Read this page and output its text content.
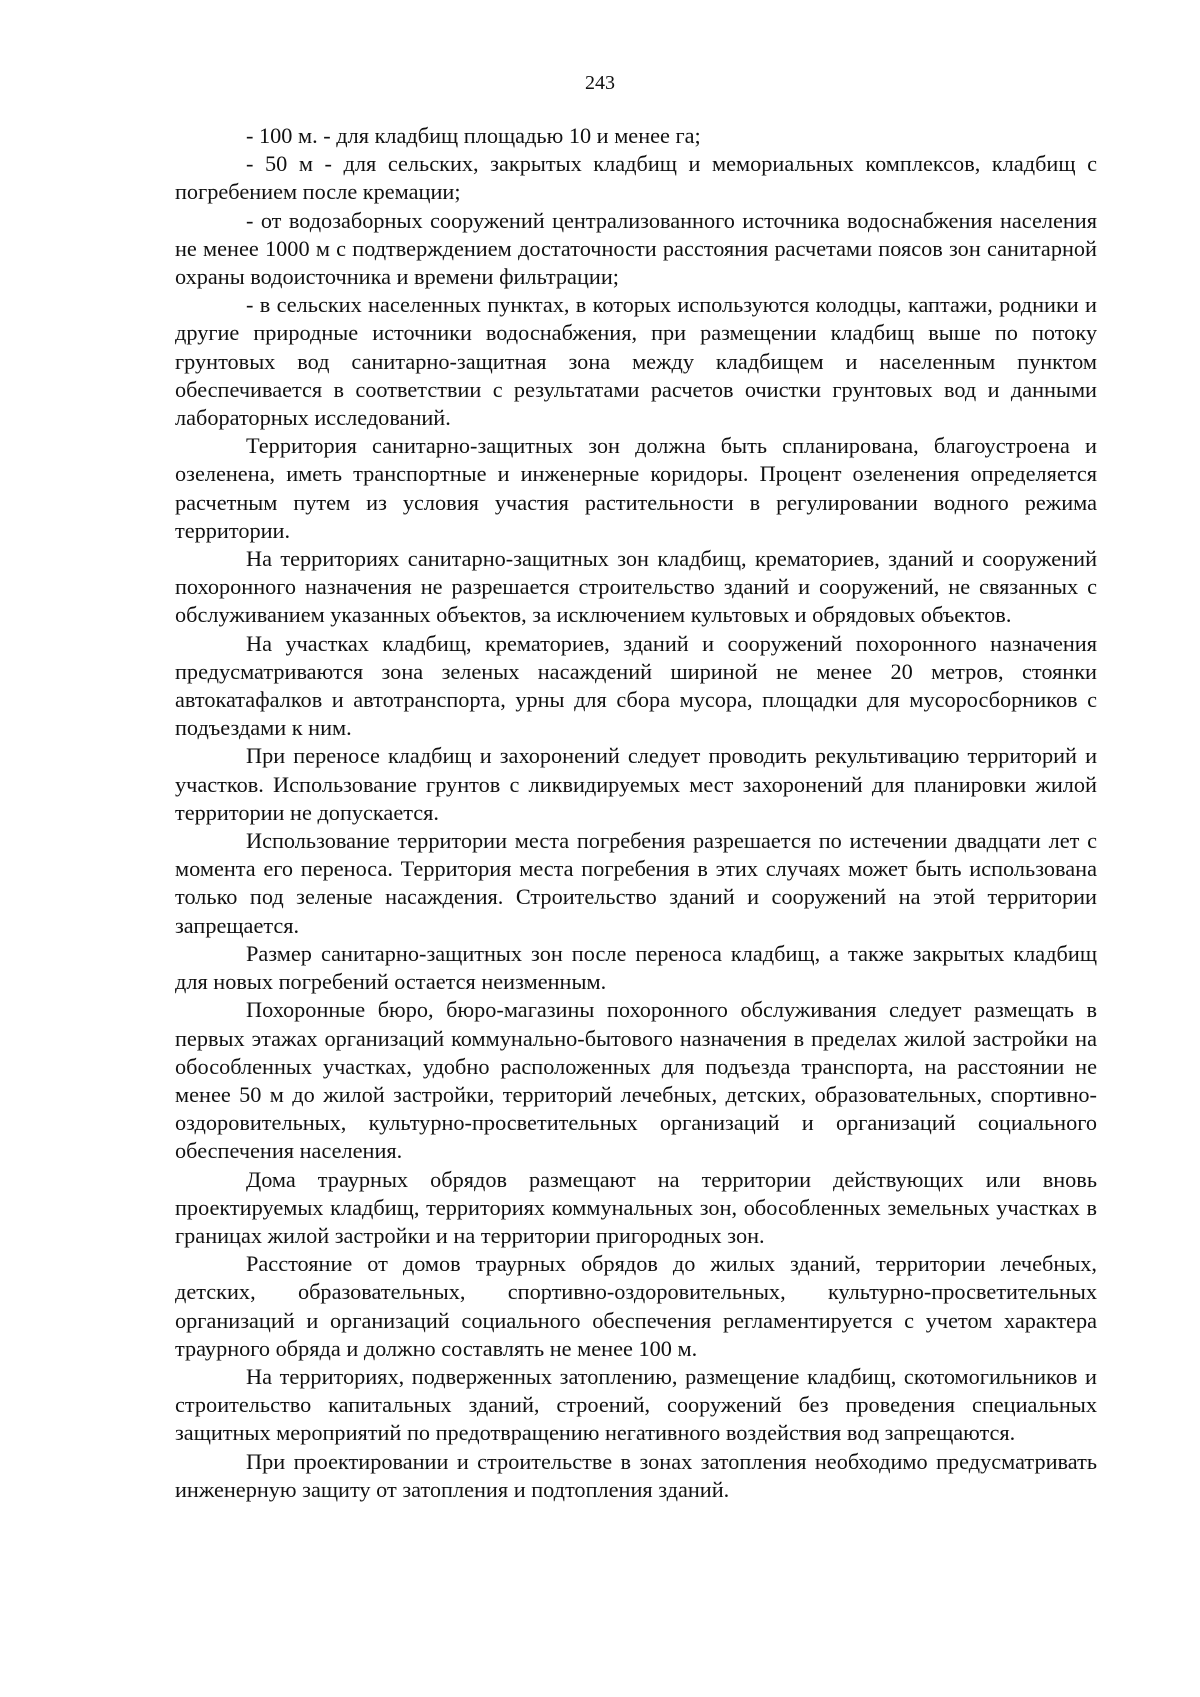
243

- 100 м. - для кладбищ площадью 10 и менее га;

- 50 м - для сельских, закрытых кладбищ и мемориальных комплексов, кладбищ с погребением после кремации;

- от водозаборных сооружений централизованного источника водоснабжения населения не менее 1000 м с подтверждением достаточности расстояния расчетами поясов зон санитарной охраны водоисточника и времени фильтрации;

- в сельских населенных пунктах, в которых используются колодцы, каптажи, родники и другие природные источники водоснабжения, при размещении кладбищ выше по потоку грунтовых вод санитарно-защитная зона между кладбищем и населенным пунктом обеспечивается в соответствии с результатами расчетов очистки грунтовых вод и данными лабораторных исследований.

Территория санитарно-защитных зон должна быть спланирована, благоустроена и озеленена, иметь транспортные и инженерные коридоры. Процент озеленения определяется расчетным путем из условия участия растительности в регулировании водного режима территории.

На территориях санитарно-защитных зон кладбищ, крематориев, зданий и сооружений похоронного назначения не разрешается строительство зданий и сооружений, не связанных с обслуживанием указанных объектов, за исключением культовых и обрядовых объектов.

На участках кладбищ, крематориев, зданий и сооружений похоронного назначения предусматриваются зона зеленых насаждений шириной не менее 20 метров, стоянки автокатафалков и автотранспорта, урны для сбора мусора, площадки для мусоросборников с подъездами к ним.

При переносе кладбищ и захоронений следует проводить рекультивацию территорий и участков. Использование грунтов с ликвидируемых мест захоронений для планировки жилой территории не допускается.

Использование территории места погребения разрешается по истечении двадцати лет с момента его переноса. Территория места погребения в этих случаях может быть использована только под зеленые насаждения. Строительство зданий и сооружений на этой территории запрещается.

Размер санитарно-защитных зон после переноса кладбищ, а также закрытых кладбищ для новых погребений остается неизменным.

Похоронные бюро, бюро-магазины похоронного обслуживания следует размещать в первых этажах организаций коммунально-бытового назначения в пределах жилой застройки на обособленных участках, удобно расположенных для подъезда транспорта, на расстоянии не менее 50 м до жилой застройки, территорий лечебных, детских, образовательных, спортивно-оздоровительных, культурно-просветительных организаций и организаций социального обеспечения населения.

Дома траурных обрядов размещают на территории действующих или вновь проектируемых кладбищ, территориях коммунальных зон, обособленных земельных участках в границах жилой застройки и на территории пригородных зон.

Расстояние от домов траурных обрядов до жилых зданий, территории лечебных, детских, образовательных, спортивно-оздоровительных, культурно-просветительных организаций и организаций социального обеспечения регламентируется с учетом характера траурного обряда и должно составлять не менее 100 м.

На территориях, подверженных затоплению, размещение кладбищ, скотомогильников и строительство капитальных зданий, строений, сооружений без проведения специальных защитных мероприятий по предотвращению негативного воздействия вод запрещаются.

При проектировании и строительстве в зонах затопления необходимо предусматривать инженерную защиту от затопления и подтопления зданий.
